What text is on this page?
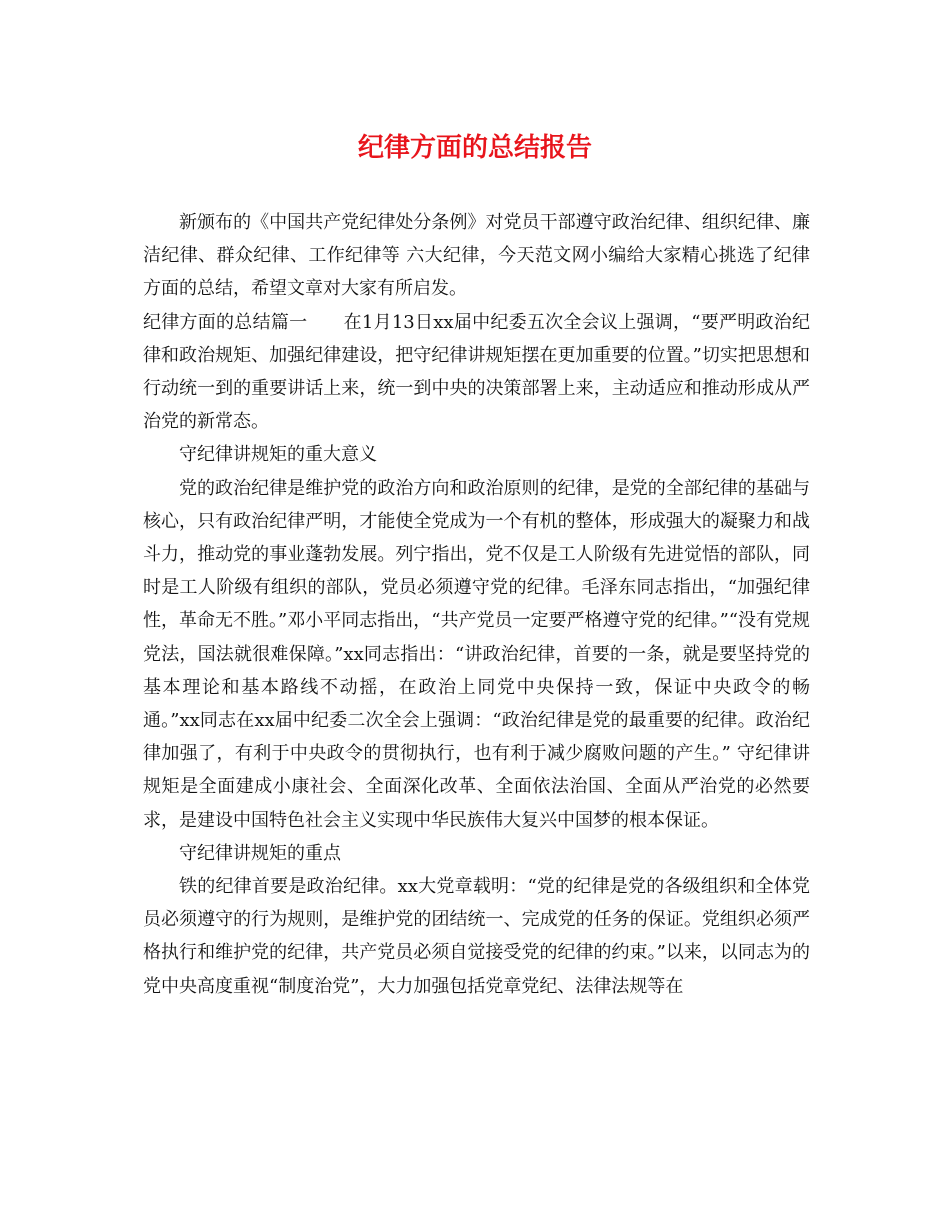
纪律方面的总结报告

新颁布的《中国共产党纪律处分条例》对党员干部遵守政治纪律、组织纪律、廉洁纪律、群众纪律、工作纪律等 六大纪律，今天范文网小编给大家精心挑选了纪律方面的总结，希望文章对大家有所启发。

纪律方面的总结篇一 在1月13日xx届中纪委五次全会议上强调，“要严明政治纪律和政治规矩、加强纪律建设，把守纪律讲规矩摆在更加重要的位置。”切实把思想和行动统一到的重要讲话上来，统一到中央的决策部署上来，主动适应和推动形成从严治党的新常态。

守纪律讲规矩的重大意义

党的政治纪律是维护党的政治方向和政治原则的纪律，是党的全部纪律的基础与核心，只有政治纪律严明，才能使全党成为一个有机的整体，形成强大的凝聚力和战斗力，推动党的事业蓬勃发展。列宁指出，党不仅是工人阶级有先进觉悟的部队，同时是工人阶级有组织的部队，党员必须遵守党的纪律。毛泽东同志指出，“加强纪律性，革命无不胜。”邓小平同志指出，“共产党员一定要严格遵守党的纪律。”“没有党规党法，国法就很难保障。”xx同志指出：“讲政治纪律，首要的一条，就是要坚持党的基本理论和基本路线不动摇，在政治上同党中央保持一致，保证中央政令的畅通。”xx同志在xx届中纪委二次全会上强调：“政治纪律是党的最重要的纪律。政治纪律加强了，有利于中央政令的贯彻执行，也有利于减少腐败问题的产生。” 守纪律讲规矩是全面建成小康社会、全面深化改革、全面依法治国、全面从严治党的必然要求，是建设中国特色社会主义实现中华民族伟大复兴中国梦的根本保证。

守纪律讲规矩的重点

铁的纪律首要是政治纪律。xx大党章载明：“党的纪律是党的各级组织和全体党员必须遵守的行为规则，是维护党的团结统一、完成党的任务的保证。党组织必须严格执行和维护党的纪律，共产党员必须自觉接受党的纪律的约束。”以来，以同志为的党中央高度重视“制度治党”，大力加强包括党章党纪、法律法规等在
